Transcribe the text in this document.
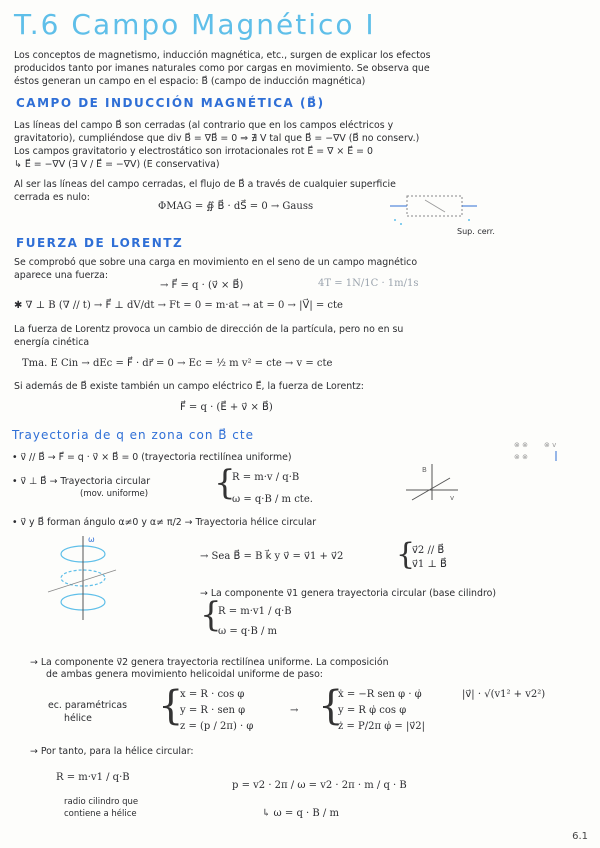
T.6 Campo Magnético I
Los conceptos de magnetismo, inducción magnética, etc., surgen de explicar los efectos
producidos tanto por imanes naturales como por cargas en movimiento. Se observa que
éstos generan un campo en el espacio: B⃗ (campo de inducción magnética)
CAMPO DE INDUCCIÓN MAGNÉTICA (B⃗)
Las líneas del campo B⃗ son cerradas (al contrario que en los campos eléctricos y
gravitatorio), cumpliéndose que div B⃗ = ∇B⃗ = 0 ⇒ ∄ V tal que B⃗ = −∇V (B⃗ no conserv.)
Los campos gravitatorio y electrostático son irrotacionales rot E⃗ = ∇ × E⃗ = 0
↳ E⃗ = −∇V (∃ V / E⃗ = −∇V) (E conservativa)
Al ser las líneas del campo cerradas, el flujo de B⃗ a través de cualquier superficie
cerrada es nulo:
ΦMAG = ∯ B⃗ · dS⃗ = 0 → Gauss
Sup. cerr.
FUERZA DE LORENTZ
Se comprobó que sobre una carga en movimiento en el seno de un campo magnético
aparece una fuerza:
→ F⃗ = q · (v⃗ × B⃗)	4T = 1N/1C · 1m/1s
✱ ∇ ⊥ B (∇ // t) → F⃗ ⊥ dV/dt → Ft = 0 = m·at → at = 0 → |V⃗| = cte
La fuerza de Lorentz provoca un cambio de dirección de la partícula, pero no en su
energía cinética
Tma. E Cin → dEc = F⃗ · dr⃗ = 0 → Ec = ½ m v² = cte → v = cte
Si además de B⃗ existe también un campo eléctrico E⃗, la fuerza de Lorentz:
F⃗ = q · (E⃗ + v⃗ × B⃗)
Trayectoria de q en zona con B⃗ cte
⊗ ⊗ ⊗ v
⊗ ⊗
• v⃗ // B⃗ → F⃗ = q · v⃗ × B⃗ = 0 (trayectoria rectilínea uniforme)
• v⃗ ⊥ B⃗ → Trayectoria circular
(mov. uniforme) {
R = m·v / q·B
ω = q·B / m cte.
B
v
• v⃗ y B⃗ forman ángulo α≠0 y α≠ π/2 → Trayectoria hélice circular
ω
→ Sea B⃗ = B k⃗ y v⃗ = v⃗1 + v⃗2 {
v⃗2 // B⃗
v⃗1 ⊥ B⃗
→ La componente v⃗1 genera trayectoria circular (base cilindro)
{
R = m·v1 / q·B
ω = q·B / m
→ La componente v⃗2 genera trayectoria rectilínea uniforme. La composición
de ambas genera movimiento helicoidal uniforme de paso:
ec. paramétricas
hélice {
x = R · cos φ
y = R · sen φ
z = (p / 2π) · φ
→ {
ẋ = −R sen φ · φ̇
y = R φ̇ cos φ
ż = P/2π φ̇ = |v⃗2|
|v⃗| · √(v1² + v2²)
→ Por tanto, para la hélice circular:
R = m·v1 / q·B
radio cilindro que
contiene a hélice
p = v2 · 2π / ω = v2 · 2π · m / q · B
↳ ω = q · B / m
6.1
